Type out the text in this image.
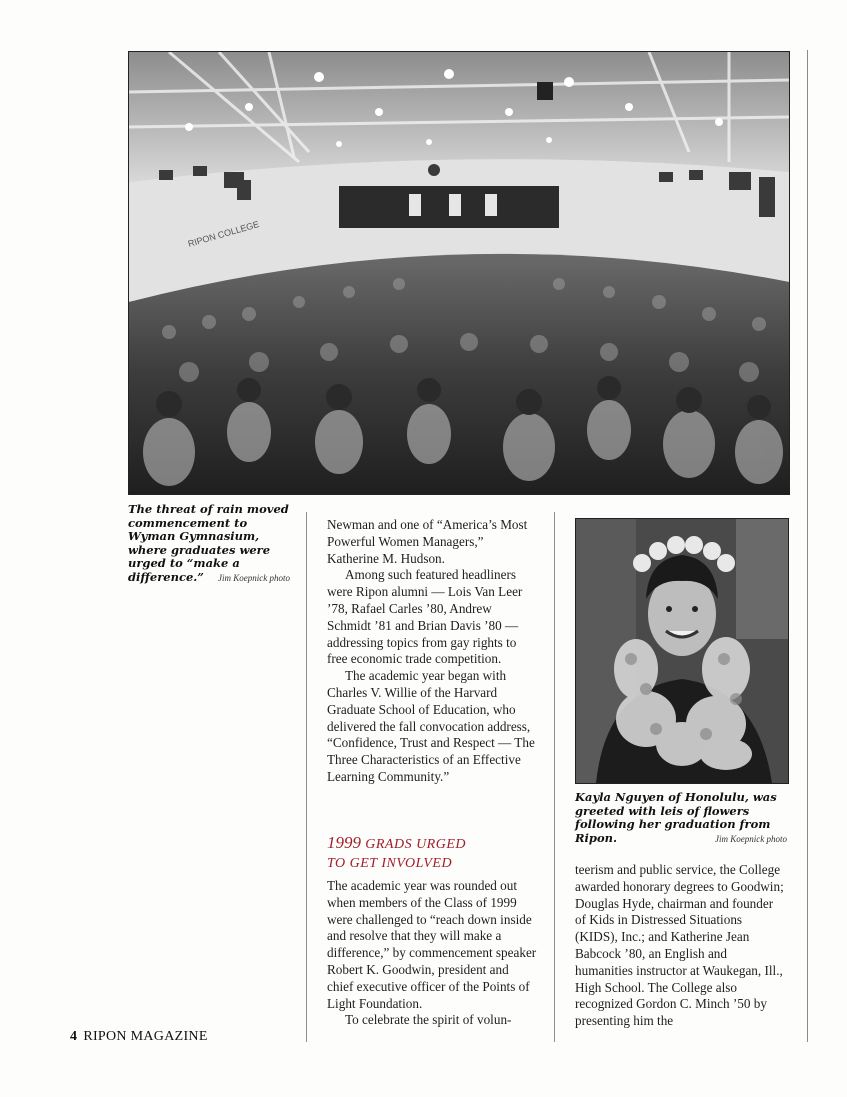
RIPON COLLEGE
The threat of rain moved commencement to Wyman Gymnasium, where graduates were urged to “make a difference.” Jim Koepnick photo

Newman and one of “America’s Most Powerful Women Managers,” Katherine M. Hudson.

Among such featured headliners were Ripon alumni — Lois Van Leer ’78, Rafael Carles ’80, Andrew Schmidt ’81 and Brian Davis ’80 — addressing topics from gay rights to free economic trade competition.

The academic year began with Charles V. Willie of the Harvard Graduate School of Education, who delivered the fall convocation address, “Confidence, Trust and Respect — The Three Characteristics of an Effective Learning Community.”

1999 GRADS URGED
TO GET INVOLVED

The academic year was rounded out when members of the Class of 1999 were challenged to “reach down inside and resolve that they will make a difference,” by commencement speaker Robert K. Goodwin, president and chief executive officer of the Points of Light Foundation.

To celebrate the spirit of volun-

Kayla Nguyen of Honolulu, was greeted with leis of flowers following her graduation from Ripon.	Jim Koepnick photo

teerism and public service, the College awarded honorary degrees to Goodwin; Douglas Hyde, chairman and founder of Kids in Distressed Situations (KIDS), Inc.; and Katherine Jean Babcock ’80, an English and humanities instructor at Waukegan, Ill., High School. The College also recognized Gordon C. Minch ’50 by presenting him the

4 RIPON MAGAZINE
